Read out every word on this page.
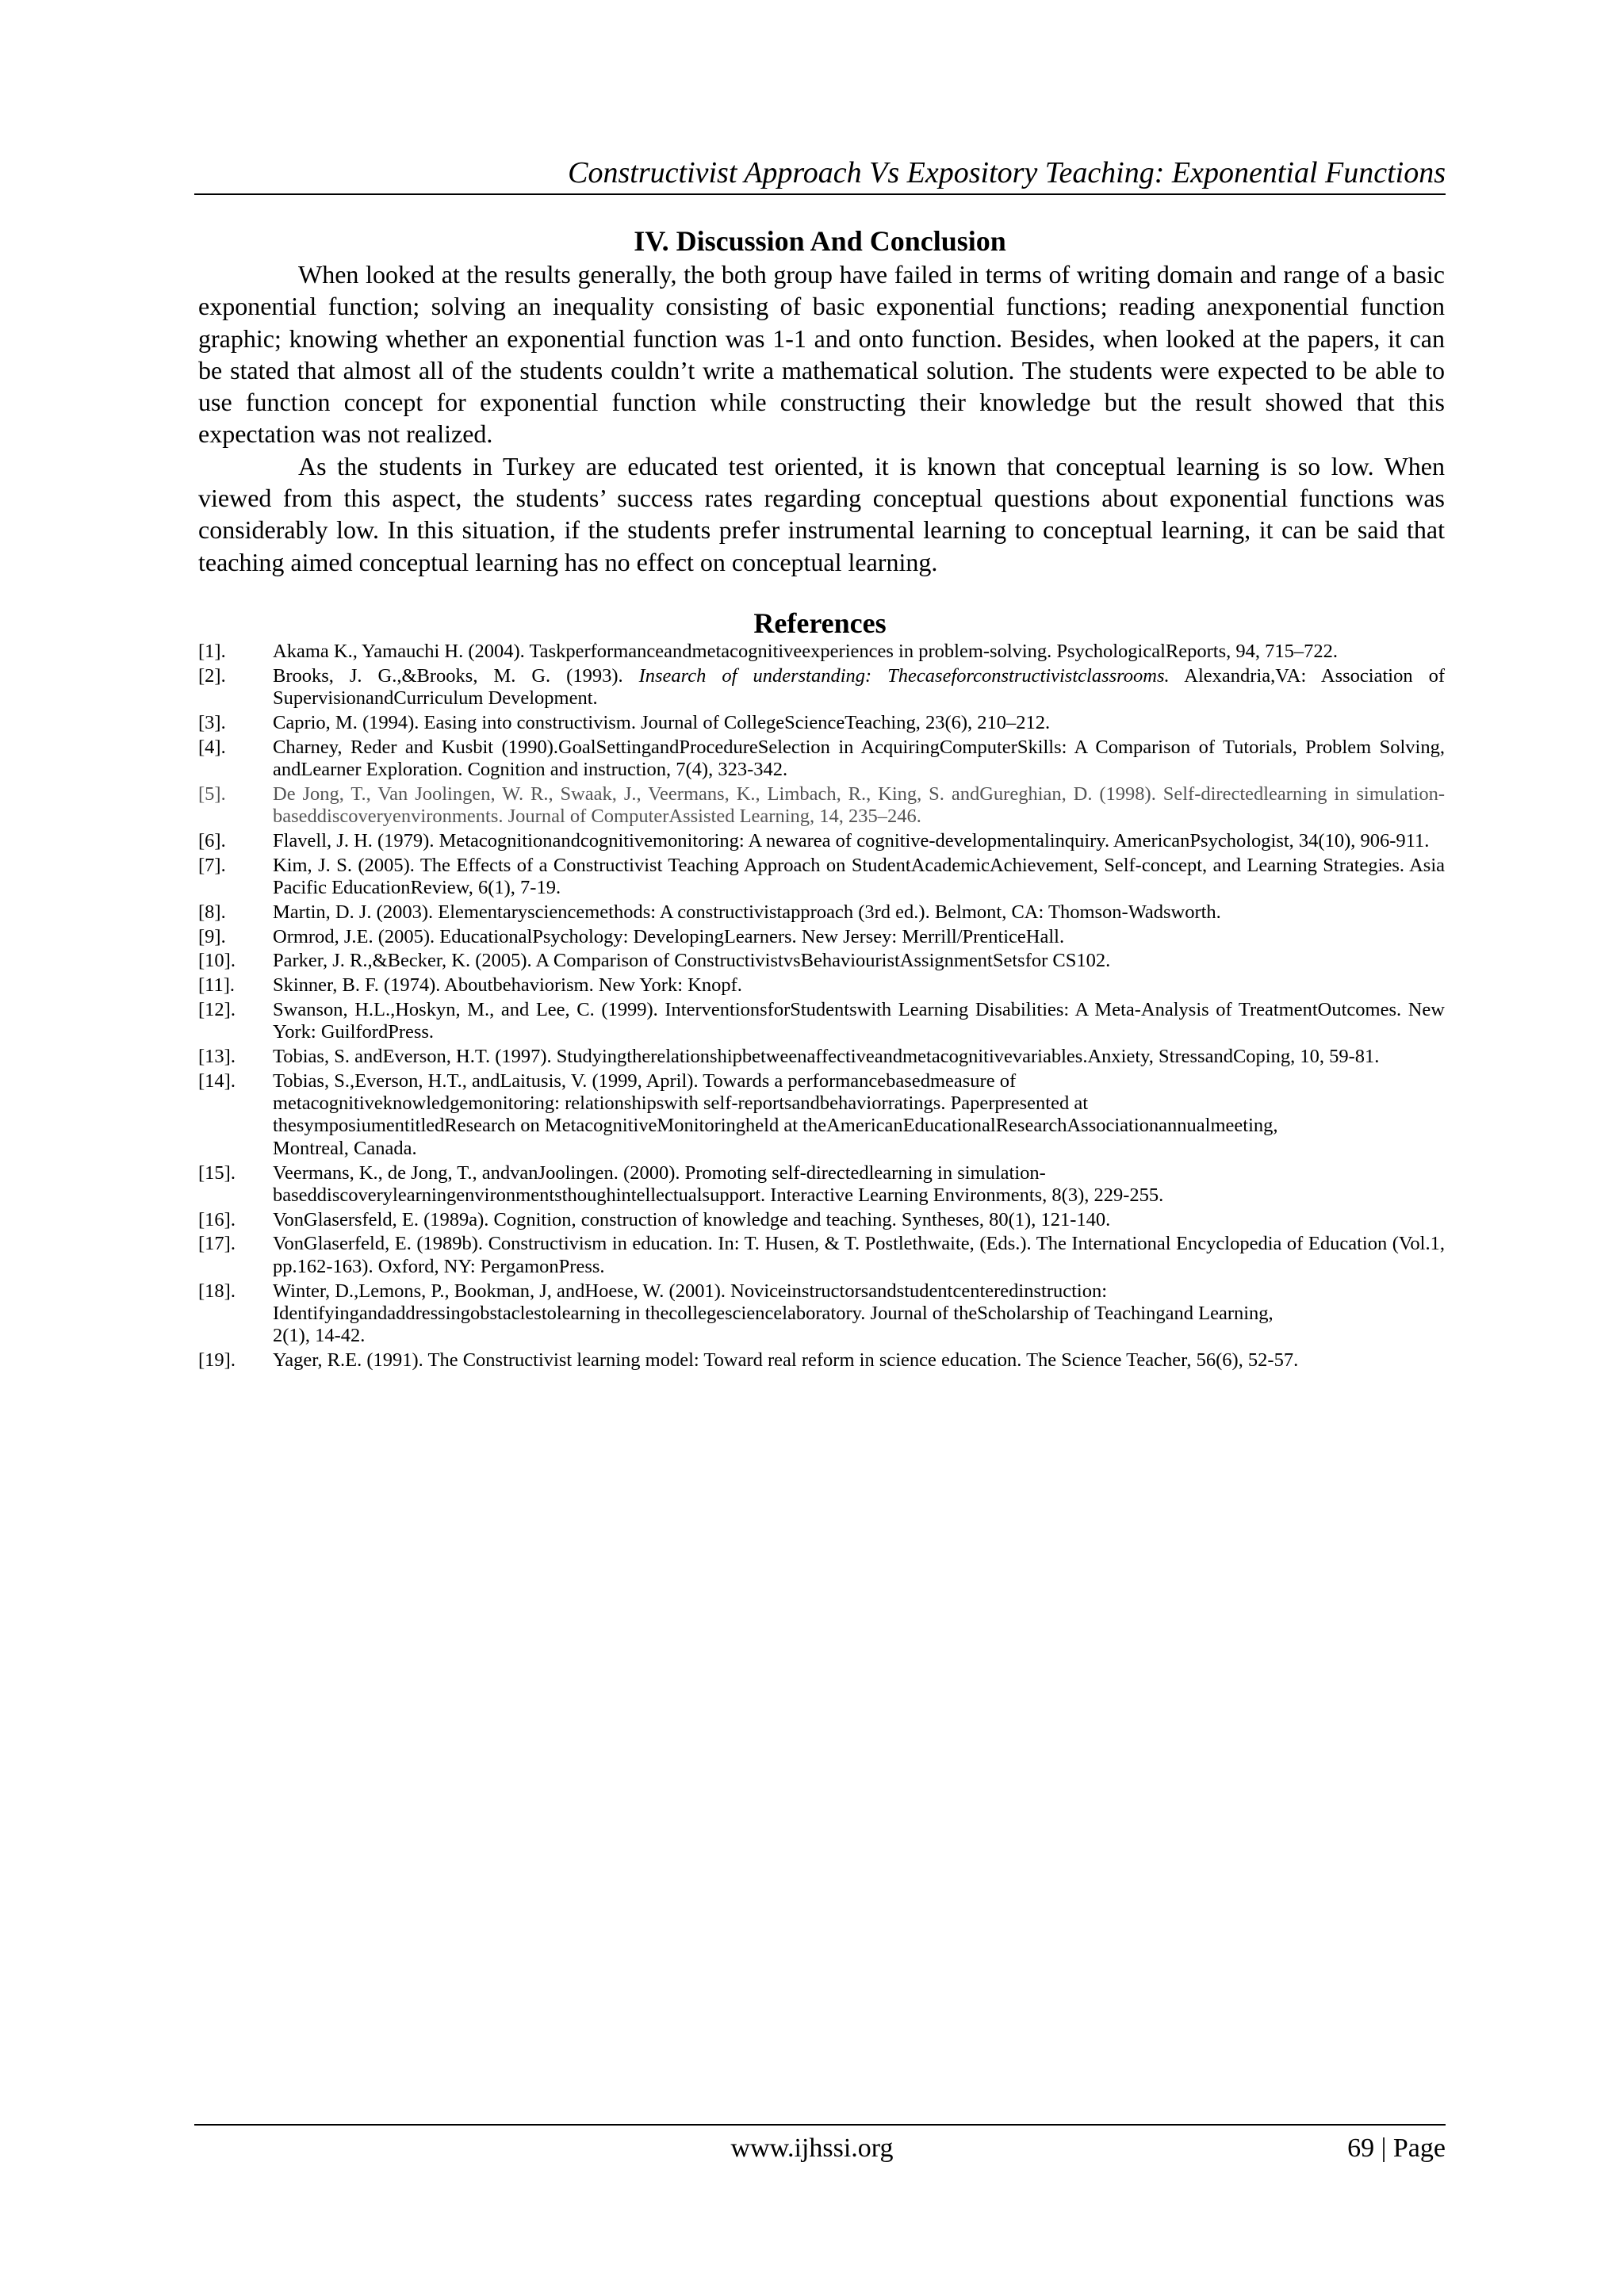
Constructivist Approach Vs Expository Teaching: Exponential Functions
IV. Discussion And Conclusion

When looked at the results generally, the both group have failed in terms of writing domain and range of a basic exponential function; solving an inequality consisting of basic exponential functions; reading anexponential function graphic; knowing whether an exponential function was 1-1 and onto function. Besides, when looked at the papers, it can be stated that almost all of the students couldn’t write a mathematical solution. The students were expected to be able to use function concept for exponential function while constructing their knowledge but the result showed that this expectation was not realized.

As the students in Turkey are educated test oriented, it is known that conceptual learning is so low. When viewed from this aspect, the students’ success rates regarding conceptual questions about exponential functions was considerably low. In this situation, if the students prefer instrumental learning to conceptual learning, it can be said that teaching aimed conceptual learning has no effect on conceptual learning.

References
[1].	Akama K., Yamauchi H. (2004). Taskperformanceandmetacognitiveexperiences in problem-solving. PsychologicalReports, 94, 715–722.
[2].	Brooks, J. G.,&Brooks, M. G. (1993). Insearch of understanding: Thecaseforconstructivistclassrooms. Alexandria,VA: Association of SupervisionandCurriculum Development.
[3].	Caprio, M. (1994). Easing into constructivism. Journal of CollegeScienceTeaching, 23(6), 210–212.
[4].	Charney, Reder and Kusbit (1990).GoalSettingandProcedureSelection in AcquiringComputerSkills: A Comparison of Tutorials, Problem Solving, andLearner Exploration. Cognition and instruction, 7(4), 323-342.
[5].	De Jong, T., Van Joolingen, W. R., Swaak, J., Veermans, K., Limbach, R., King, S. andGureghian, D. (1998). Self-directedlearning in simulation-baseddiscoveryenvironments. Journal of ComputerAssisted Learning, 14, 235–246.
[6].	Flavell, J. H. (1979). Metacognitionandcognitivemonitoring: A newarea of cognitive-developmentalinquiry. AmericanPsychologist, 34(10), 906-911.
[7].	Kim, J. S. (2005). The Effects of a Constructivist Teaching Approach on StudentAcademicAchievement, Self-concept, and Learning Strategies. Asia Pacific EducationReview, 6(1), 7-19.
[8].	Martin, D. J. (2003). Elementarysciencemethods: A constructivistapproach (3rd ed.). Belmont, CA: Thomson-Wadsworth.
[9].	Ormrod, J.E. (2005). EducationalPsychology: DevelopingLearners. New Jersey: Merrill/PrenticeHall.
[10].	Parker, J. R.,&Becker, K. (2005). A Comparison of ConstructivistvsBehaviouristAssignmentSetsfor CS102.
[11].	Skinner, B. F. (1974). Aboutbehaviorism. New York: Knopf.
[12].	Swanson, H.L.,Hoskyn, M., and Lee, C. (1999). InterventionsforStudentswith Learning Disabilities: A Meta-Analysis of TreatmentOutcomes. New York: GuilfordPress.
[13].	Tobias, S. andEverson, H.T. (1997). Studyingtherelationshipbetweenaffectiveandmetacognitivevariables.Anxiety, StressandCoping, 10, 59-81.
[14].	Tobias, S.,Everson, H.T., andLaitusis, V. (1999, April). Towards a performancebasedmeasure of
metacognitiveknowledgemonitoring: relationshipswith self-reportsandbehaviorratings. Paperpresented at
thesymposiumentitledResearch on MetacognitiveMonitoringheld at theAmericanEducationalResearchAssociationannualmeeting,
Montreal, Canada.
[15].	Veermans, K., de Jong, T., andvanJoolingen. (2000). Promoting self-directedlearning in simulation-
baseddiscoverylearningenvironmentsthoughintellectualsupport. Interactive Learning Environments, 8(3), 229-255.
[16].	VonGlasersfeld, E. (1989a). Cognition, construction of knowledge and teaching. Syntheses, 80(1), 121-140.
[17].	VonGlaserfeld, E. (1989b). Constructivism in education. In: T. Husen, & T. Postlethwaite, (Eds.). The International Encyclopedia of Education (Vol.1, pp.162-163). Oxford, NY: PergamonPress.
[18].	Winter, D.,Lemons, P., Bookman, J, andHoese, W. (2001). Noviceinstructorsandstudentcenteredinstruction:
Identifyingandaddressingobstaclestolearning in thecollegesciencelaboratory. Journal of theScholarship of Teachingand Learning,
2(1), 14-42.
[19].	Yager, R.E. (1991). The Constructivist learning model: Toward real reform in science education. The Science Teacher, 56(6), 52-57.
www.ijhssi.org	69 | Page
